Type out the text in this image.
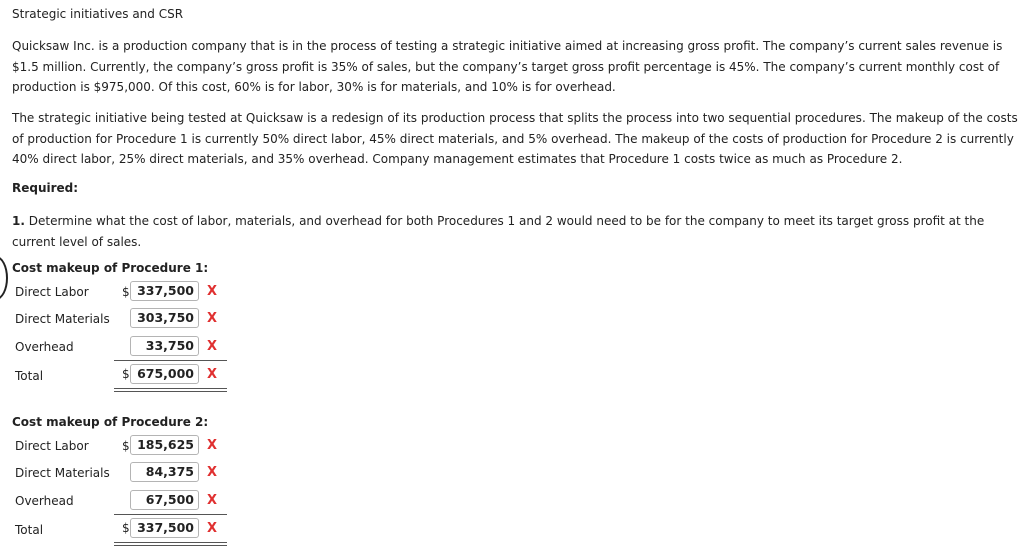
Strategic initiatives and CSR

Quicksaw Inc. is a production company that is in the process of testing a strategic initiative aimed at increasing gross profit. The company’s current sales revenue is $1.5 million. Currently, the company’s gross profit is 35% of sales, but the company’s target gross profit percentage is 45%. The company’s current monthly cost of production is $975,000. Of this cost, 60% is for labor, 30% is for materials, and 10% is for overhead.

The strategic initiative being tested at Quicksaw is a redesign of its production process that splits the process into two sequential procedures. The makeup of the costs of production for Procedure 1 is currently 50% direct labor, 45% direct materials, and 5% overhead. The makeup of the costs of production for Procedure 2 is currently 40% direct labor, 25% direct materials, and 35% overhead. Company management estimates that Procedure 1 costs twice as much as Procedure 2.

Required:

1. Determine what the cost of labor, materials, and overhead for both Procedures 1 and 2 would need to be for the company to meet its target gross profit at the current level of sales.

Cost makeup of Procedure 1:
Direct Labor	$ 337,500	X
Direct Materials	303,750	X
Overhead	33,750	X
Total	$ 675,000	X
Cost makeup of Procedure 2:
Direct Labor	$ 185,625	X
Direct Materials	84,375	X
Overhead	67,500	X
Total	$ 337,500	X
